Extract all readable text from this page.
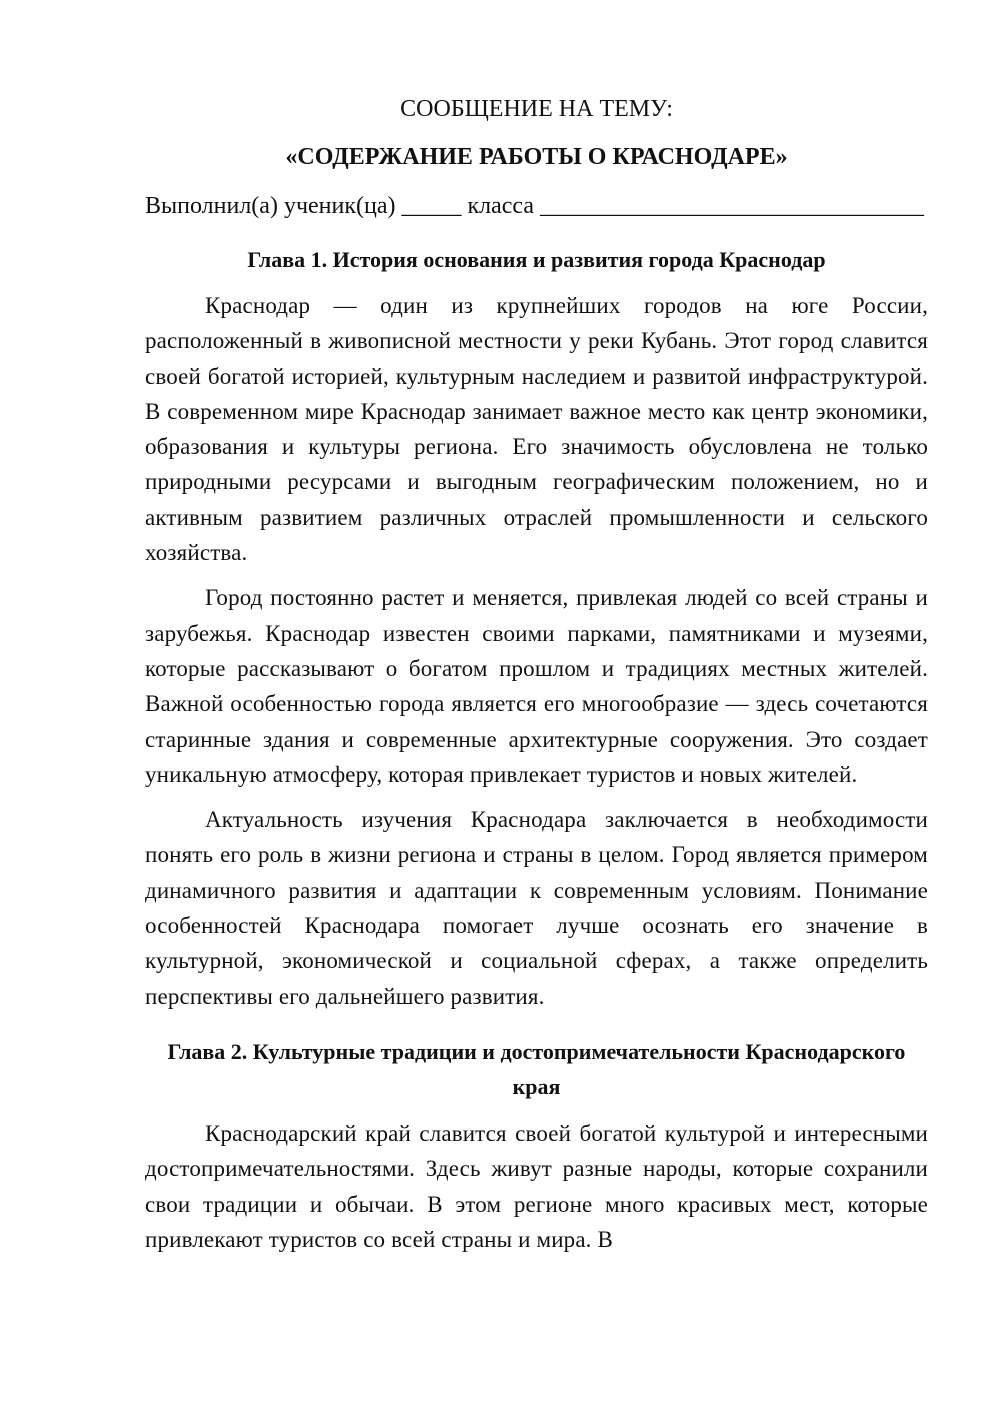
СООБЩЕНИЕ НА ТЕМУ:

«СОДЕРЖАНИЕ РАБОТЫ О КРАСНОДАРЕ»

Выполнил(а) ученик(ца) _____ класса ________________________________
Глава 1. История основания и развития города Краснодар

Краснодар — один из крупнейших городов на юге России, расположенный в живописной местности у реки Кубань. Этот город славится своей богатой историей, культурным наследием и развитой инфраструктурой. В современном мире Краснодар занимает важное место как центр экономики, образования и культуры региона. Его значимость обусловлена не только природными ресурсами и выгодным географическим положением, но и активным развитием различных отраслей промышленности и сельского хозяйства.

Город постоянно растет и меняется, привлекая людей со всей страны и зарубежья. Краснодар известен своими парками, памятниками и музеями, которые рассказывают о богатом прошлом и традициях местных жителей. Важной особенностью города является его многообразие — здесь сочетаются старинные здания и современные архитектурные сооружения. Это создает уникальную атмосферу, которая привлекает туристов и новых жителей.

Актуальность изучения Краснодара заключается в необходимости понять его роль в жизни региона и страны в целом. Город является примером динамичного развития и адаптации к современным условиям. Понимание особенностей Краснодара помогает лучше осознать его значение в культурной, экономической и социальной сферах, а также определить перспективы его дальнейшего развития.

Глава 2. Культурные традиции и достопримечательности Краснодарского края

Краснодарский край славится своей богатой культурой и интересными достопримечательностями. Здесь живут разные народы, которые сохранили свои традиции и обычаи. В этом регионе много красивых мест, которые привлекают туристов со всей страны и мира. В
